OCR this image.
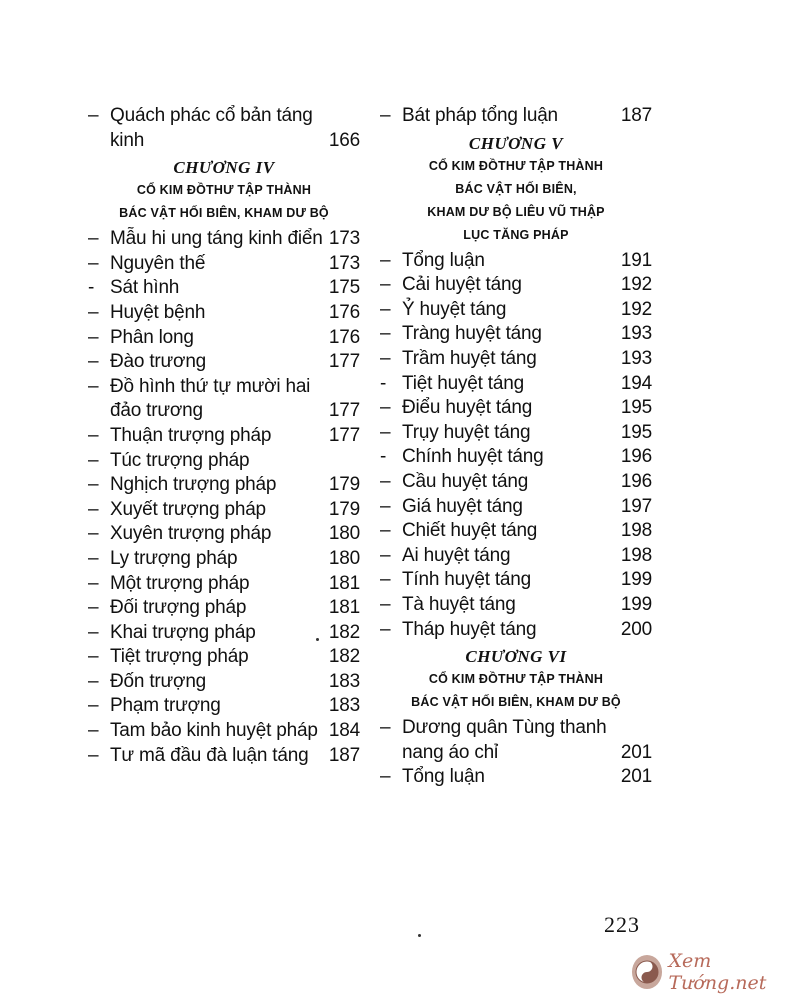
– Quách phác cổ bản táng kinh	166
CHƯƠNG IV
CỔ KIM ĐỒTHƯ TẬP THÀNH
BÁC VẬT HỐI BIÊN, KHAM DƯ BỘ
– Mẫu hi ung táng kinh điển 173
– Nguyên thế	173
- Sát hình	175
– Huyệt bệnh	176
– Phân long	176
– Đào trương	177
– Đồ hình thứ tự mười hai đảo trương	177
– Thuận trượng pháp	177
– Túc trượng pháp
– Nghịch trượng pháp	179
– Xuyết trượng pháp	179
– Xuyên trượng pháp	180
– Ly trượng pháp	180
– Một trượng pháp	181
– Đối trượng pháp	181
– Khai trượng pháp	182
– Tiệt trượng pháp	182
– Đốn trượng	183
– Phạm trượng	183
– Tam bảo kinh huyệt pháp 184
– Tư mã đầu đà luận táng	187
– Bát pháp tổng luận	187
CHƯƠNG V
CỔ KIM ĐỒTHƯ TẬP THÀNH
BÁC VẬT HỐI BIÊN,
KHAM DƯ BỘ LIÊU VŨ THẬP
LỤC TĂNG PHÁP
– Tổng luận	191
– Cải huyệt táng	192
– Ỷ huyệt táng	192
– Tràng huyệt táng	193
– Trầm huyệt táng	193
- Tiệt huyệt táng	194
– Điểu huyệt táng	195
– Trụy huyệt táng	195
- Chính huyệt táng	196
– Cầu huyệt táng	196
– Giá huyệt táng	197
– Chiết huyệt táng	198
– Ai huyệt táng	198
– Tính huyệt táng	199
– Tà huyệt táng	199
– Tháp huyệt táng	200
CHƯƠNG VI
CỔ KIM ĐỒTHƯ TẬP THÀNH
BÁC VẬT HỐI BIÊN, KHAM DƯ BỘ
– Dương quân Tùng thanh nang áo chỉ	201
– Tổng luận	201
223
Xem Tướng.net
